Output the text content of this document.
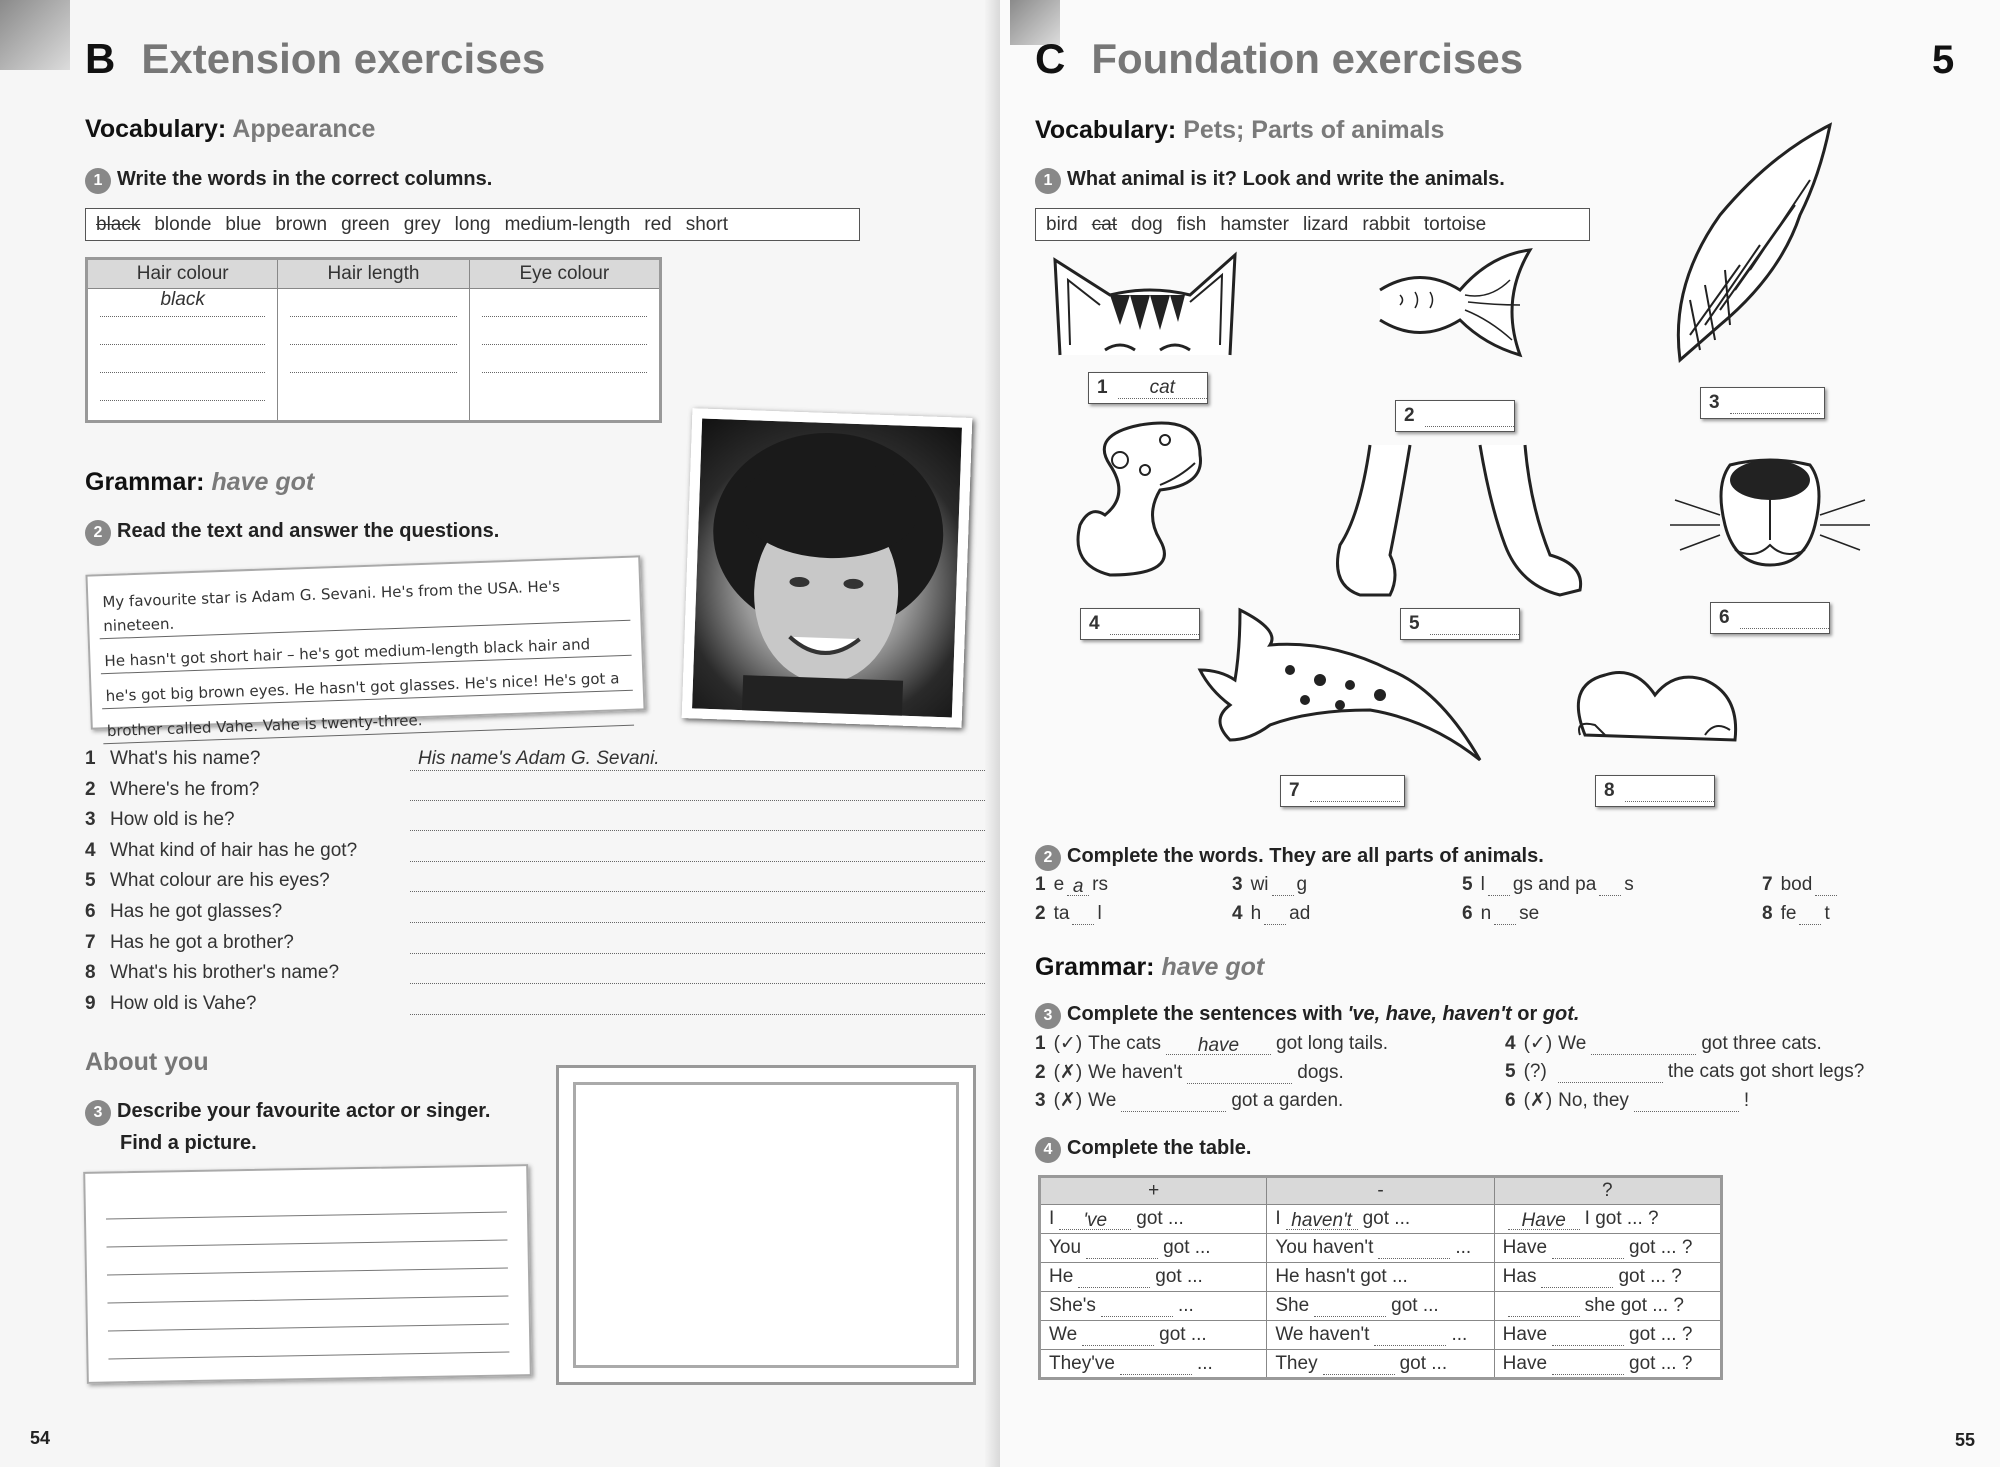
B Extension exercises
Vocabulary: Appearance
1 Write the words in the correct columns.
black blonde blue brown green grey long medium-length red short
Hair colour	Hair length	Eye colour

black		

Grammar: have got
2 Read the text and answer the questions.
My favourite star is Adam G. Sevani. He's from the USA. He's nineteen.
He hasn't got short hair – he's got medium-length black hair and
he's got big brown eyes. He hasn't got glasses. He's nice! He's got a
brother called Vahe. Vahe is twenty-three.
1 What's his name?	His name's Adam G. Sevani.
2 Where's he from?
3 How old is he?
4 What kind of hair has he got?
5 What colour are his eyes?
6 Has he got glasses?
7 Has he got a brother?
8 What's his brother's name?
9 How old is Vahe?
About you
3 Describe your favourite actor or singer.
Find a picture.
54
C Foundation exercises	5
Vocabulary: Pets; Parts of animals
1 What animal is it? Look and write the animals.
bird cat dog fish hamster lizard rabbit tortoise
1	cat
2
3
4	5	6
7	8
2 Complete the words. They are all parts of animals.
1 e a rs	3 wi g	5 l gs and pa s	7 bod
2 ta l	4 h ad	6 n se	8 fe t
Grammar: have got
3 Complete the sentences with 've, have, haven't or got.
1 (✓) The cats have got long tails.
2 (✗) We haven't	dogs.
3 (✗) We	got a garden.
4 (✓) We	got three cats.
5 (?)	the cats got short legs?
6 (✗) No, they	!
4 Complete the table.
+	-	?
I 've got ...	I haven't got ...	Have I got ... ?
You got ...	You haven't ...	Have got ... ?
He got ...	He hasn't got ...	Has got ... ?
She's ...	She got ...	she got ... ?
We got ...	We haven't ...	Have got ... ?
They've ...	They got ...	Have got ... ?
55
